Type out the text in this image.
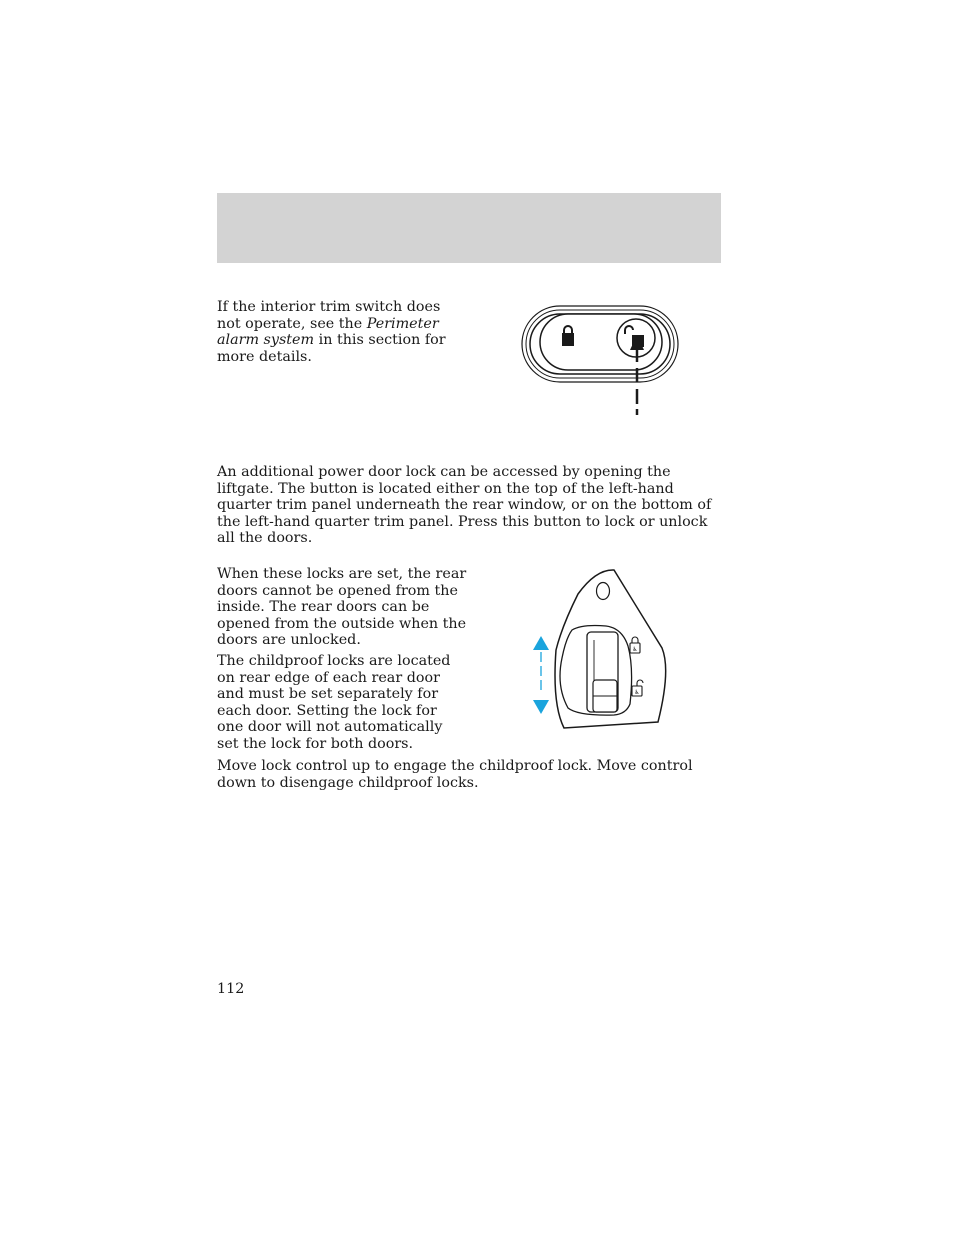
If the interior trim switch does not operate, see the Perimeter alarm system in this section for more details.

An additional power door lock can be accessed by opening the liftgate. The button is located either on the top of the left-hand quarter trim panel underneath the rear window, or on the bottom of the left-hand quarter trim panel. Press this button to lock or unlock all the doors.

When these locks are set, the rear doors cannot be opened from the inside. The rear doors can be opened from the outside when the doors are unlocked.

The childproof locks are located on rear edge of each rear door and must be set separately for each door. Setting the lock for one door will not automatically set the lock for both doors.

♿
♿

Move lock control up to engage the childproof lock. Move control down to disengage childproof locks.

112
